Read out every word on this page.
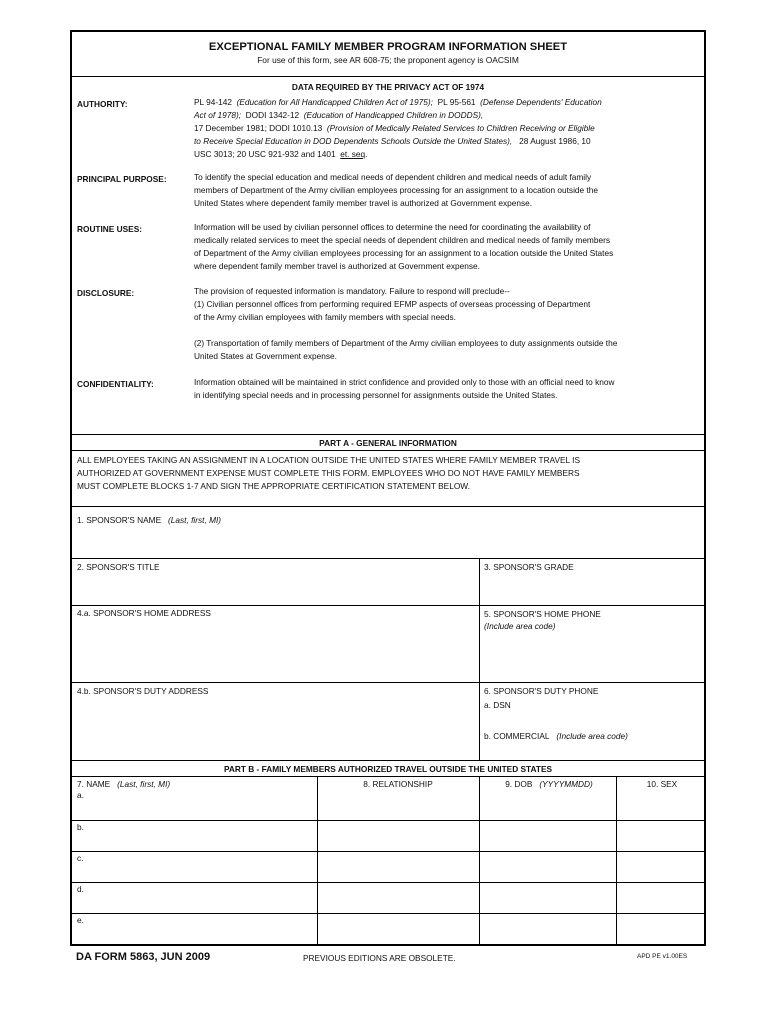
EXCEPTIONAL FAMILY MEMBER PROGRAM INFORMATION SHEET
For use of this form, see AR 608-75; the proponent agency is OACSIM
DATA REQUIRED BY THE PRIVACY ACT OF 1974
AUTHORITY:	PL 94-142 (Education for All Handicapped Children Act of 1975); PL 95-561 (Defense Dependents' Education
Act of 1978); DODI 1342-12 (Education of Handicapped Children in DODDS),
17 December 1981; DODI 1010.13 (Provision of Medically Related Services to Children Receiving or Eligible
to Receive Special Education in DOD Dependents Schools Outside the United States), 28 August 1986, 10
USC 3013; 20 USC 921-932 and 1401 et. seq.
PRINCIPAL PURPOSE:	To identify the special education and medical needs of dependent children and medical needs of adult family
members of Department of the Army civilian employees processing for an assignment to a location outside the
United States where dependent family member travel is authorized at Government expense.
ROUTINE USES:	Information will be used by civilian personnel offices to determine the need for coordinating the availability of
medically related services to meet the special needs of dependent children and medical needs of family members
of Department of the Army civilian employees processing for an assignment to a location outside the United States
where dependent family member travel is authorized at Government expense.
DISCLOSURE:	The provision of requested information is mandatory. Failure to respond will preclude--
(1) Civilian personnel offices from performing required EFMP aspects of overseas processing of Department
of the Army civilian employees with family members with special needs.
(2) Transportation of family members of Department of the Army civilian employees to duty assignments outside the
United States at Government expense.
CONFIDENTIALITY:	Information obtained will be maintained in strict confidence and provided only to those with an official need to know
in identifying special needs and in processing personnel for assignments outside the United States.
PART A - GENERAL INFORMATION
ALL EMPLOYEES TAKING AN ASSIGNMENT IN A LOCATION OUTSIDE THE UNITED STATES WHERE FAMILY MEMBER TRAVEL IS
AUTHORIZED AT GOVERNMENT EXPENSE MUST COMPLETE THIS FORM. EMPLOYEES WHO DO NOT HAVE FAMILY MEMBERS
MUST COMPLETE BLOCKS 1-7 AND SIGN THE APPROPRIATE CERTIFICATION STATEMENT BELOW.
1. SPONSOR'S NAME (Last, first, MI)
2. SPONSOR'S TITLE	3. SPONSOR'S GRADE
4.a. SPONSOR'S HOME ADDRESS	5. SPONSOR'S HOME PHONE
(Include area code)
4.b. SPONSOR'S DUTY ADDRESS	6. SPONSOR'S DUTY PHONE
a. DSN
b. COMMERCIAL (Include area code)
PART B - FAMILY MEMBERS AUTHORIZED TRAVEL OUTSIDE THE UNITED STATES
7. NAME (Last, first, MI)	8. RELATIONSHIP	9. DOB (YYYYMMDD)	10. SEX
a.
b.
c.
d.
e.
DA FORM 5863, JUN 2009	PREVIOUS EDITIONS ARE OBSOLETE.	APD PE v1.00ES
